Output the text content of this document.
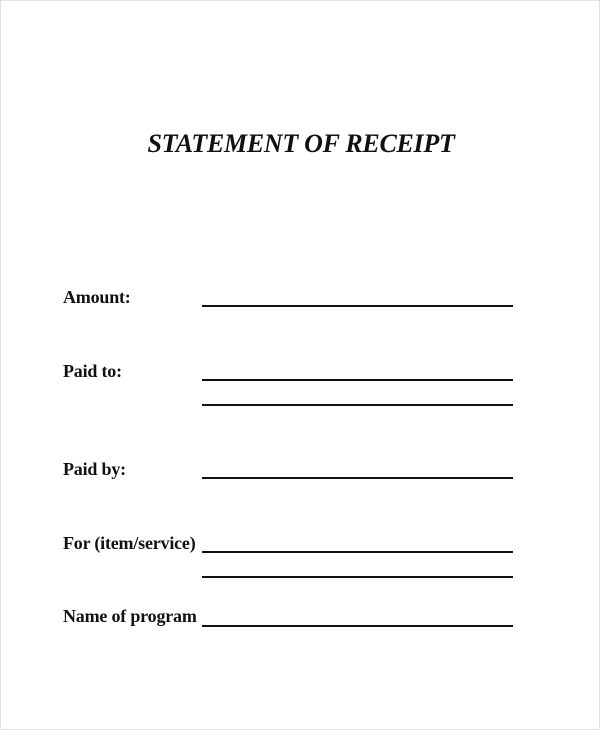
STATEMENT OF RECEIPT
Amount:
Paid to:
Paid by:
For (item/service)
Name of program
